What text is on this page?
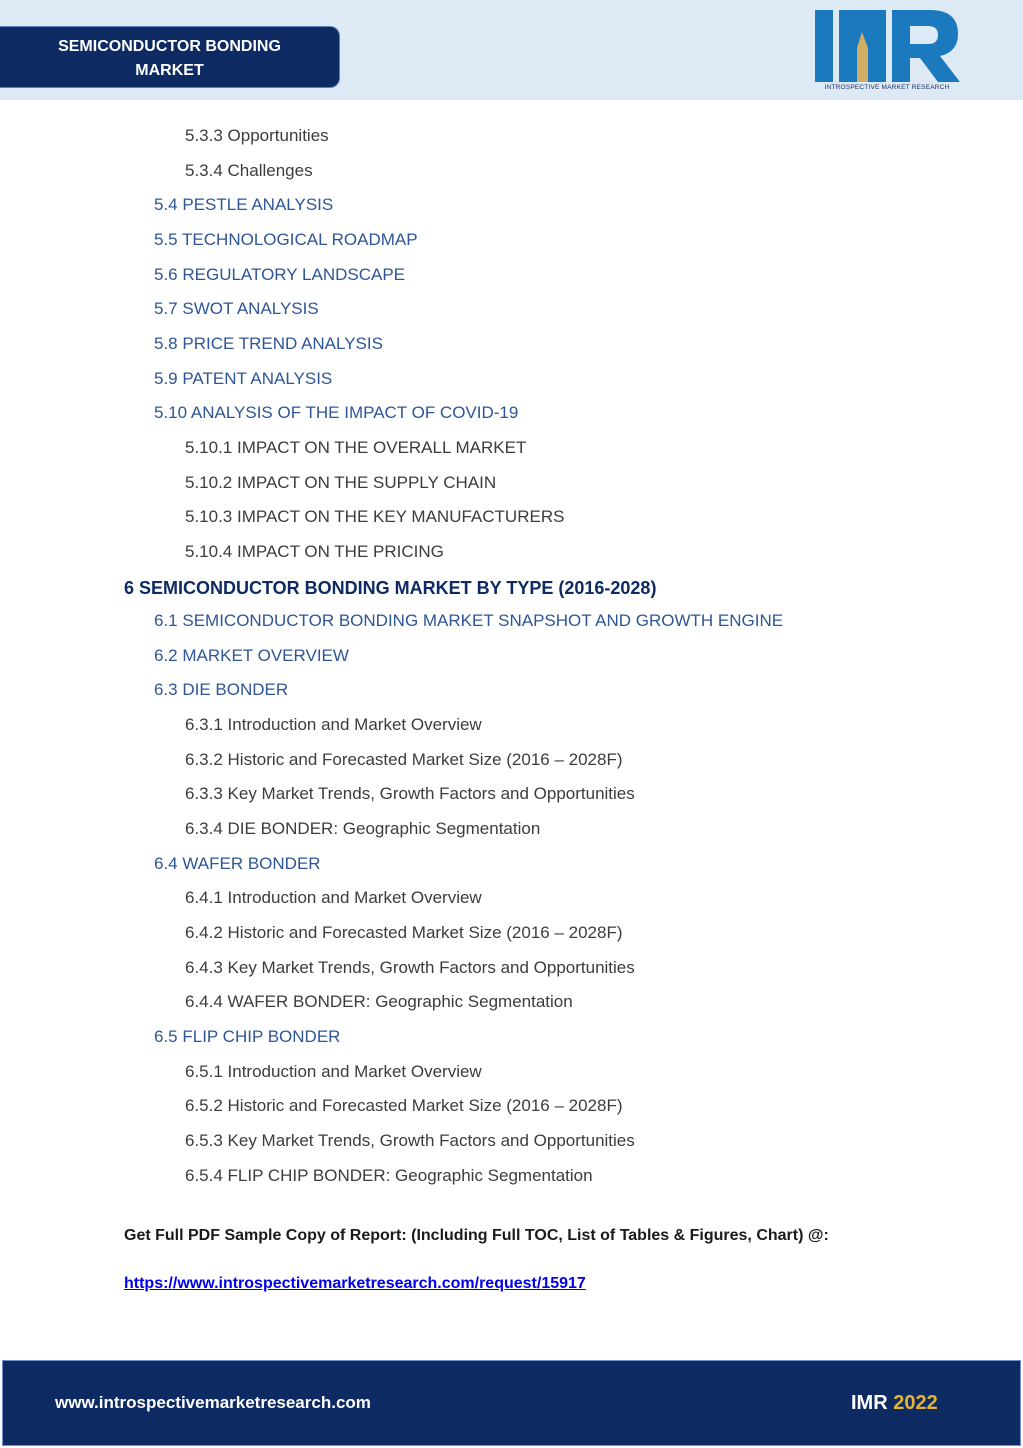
SEMICONDUCTOR BONDING
MARKET
INTROSPECTIVE MARKET RESEARCH
5.3.3 Opportunities
5.3.4 Challenges
5.4 PESTLE ANALYSIS
5.5 TECHNOLOGICAL ROADMAP
5.6 REGULATORY LANDSCAPE
5.7 SWOT ANALYSIS
5.8 PRICE TREND ANALYSIS
5.9 PATENT ANALYSIS
5.10 ANALYSIS OF THE IMPACT OF COVID-19
5.10.1 IMPACT ON THE OVERALL MARKET
5.10.2 IMPACT ON THE SUPPLY CHAIN
5.10.3 IMPACT ON THE KEY MANUFACTURERS
5.10.4 IMPACT ON THE PRICING
6 SEMICONDUCTOR BONDING MARKET BY TYPE (2016-2028)
6.1 SEMICONDUCTOR BONDING MARKET SNAPSHOT AND GROWTH ENGINE
6.2 MARKET OVERVIEW
6.3 DIE BONDER
6.3.1 Introduction and Market Overview
6.3.2 Historic and Forecasted Market Size (2016 – 2028F)
6.3.3 Key Market Trends, Growth Factors and Opportunities
6.3.4 DIE BONDER: Geographic Segmentation
6.4 WAFER BONDER
6.4.1 Introduction and Market Overview
6.4.2 Historic and Forecasted Market Size (2016 – 2028F)
6.4.3 Key Market Trends, Growth Factors and Opportunities
6.4.4 WAFER BONDER: Geographic Segmentation
6.5 FLIP CHIP BONDER
6.5.1 Introduction and Market Overview
6.5.2 Historic and Forecasted Market Size (2016 – 2028F)
6.5.3 Key Market Trends, Growth Factors and Opportunities
6.5.4 FLIP CHIP BONDER: Geographic Segmentation
Get Full PDF Sample Copy of Report: (Including Full TOC, List of Tables & Figures, Chart) @:
https://www.introspectivemarketresearch.com/request/15917
www.introspectivemarketresearch.com	IMR 2022
